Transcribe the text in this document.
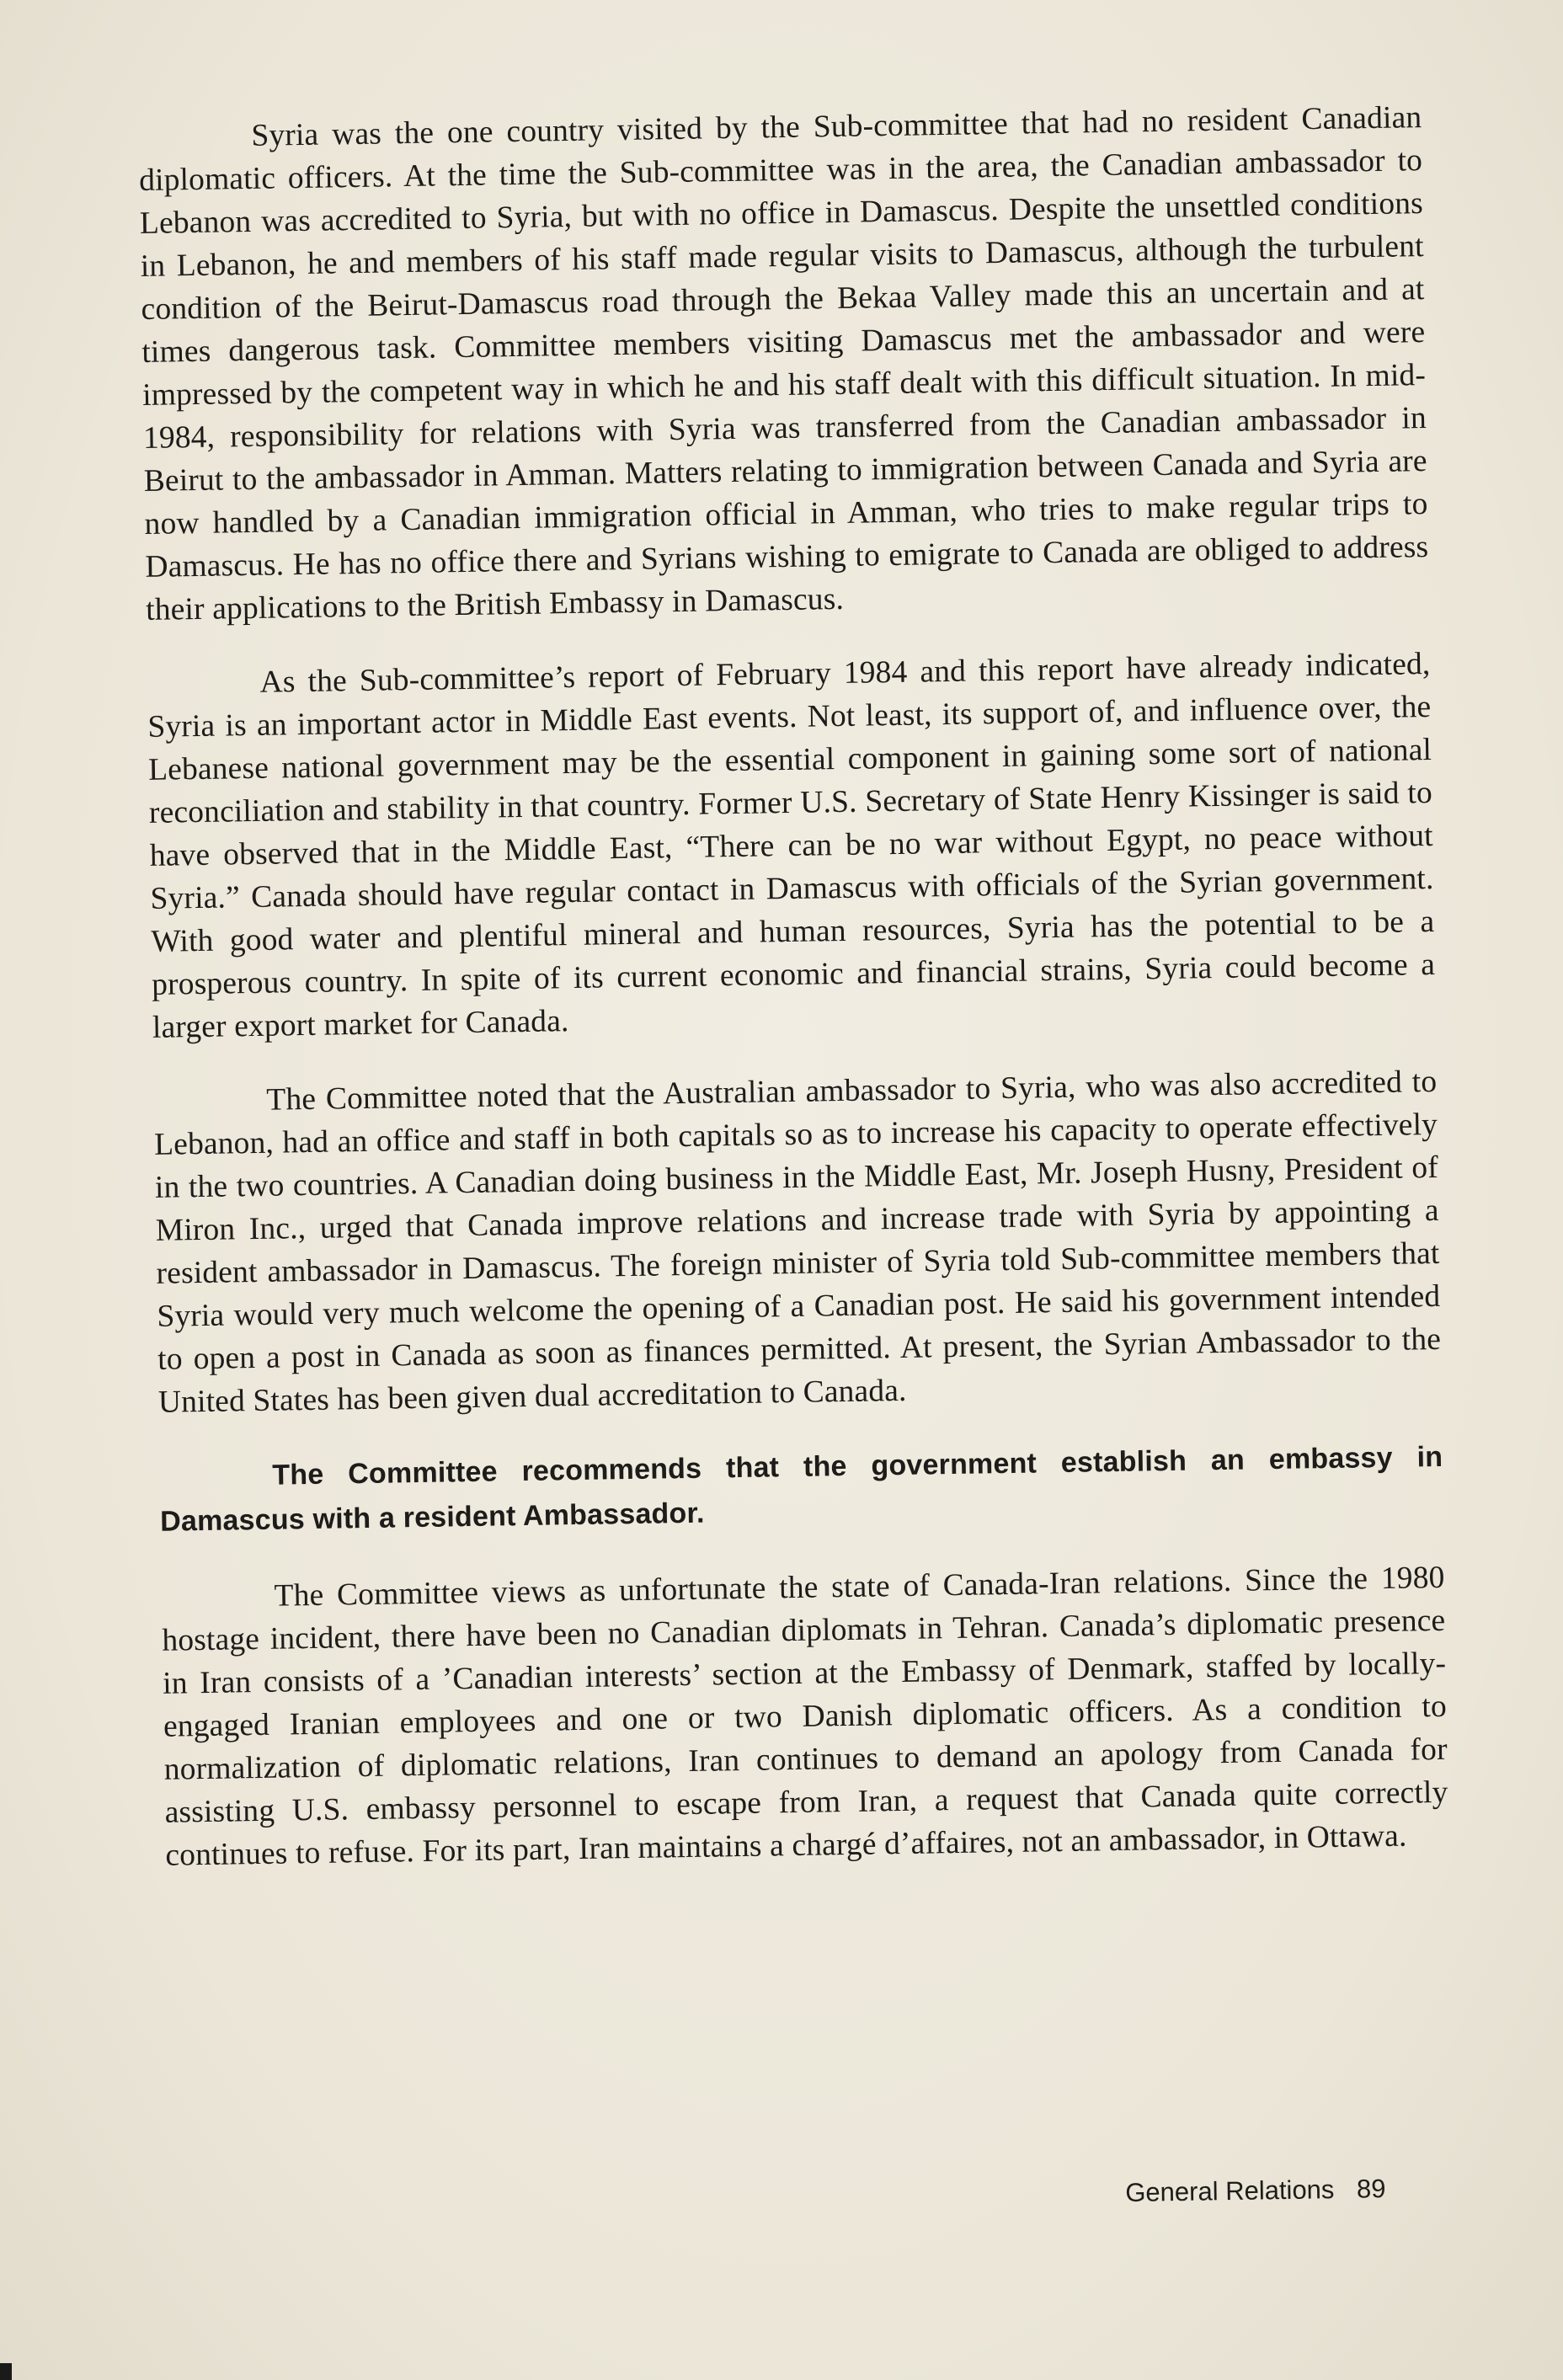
Syria was the one country visited by the Sub-committee that had no resident Canadian diplomatic officers. At the time the Sub-committee was in the area, the Canadian ambassador to Lebanon was accredited to Syria, but with no office in Damascus. Despite the unsettled conditions in Lebanon, he and members of his staff made regular visits to Damascus, although the turbulent condition of the Beirut-Damascus road through the Bekaa Valley made this an uncertain and at times dangerous task. Committee members visiting Damascus met the ambassador and were impressed by the competent way in which he and his staff dealt with this difficult situation. In mid-1984, responsibility for relations with Syria was transferred from the Canadian ambassador in Beirut to the ambassador in Amman. Matters relating to immigration between Canada and Syria are now handled by a Canadian immigration official in Amman, who tries to make regular trips to Damascus. He has no office there and Syrians wishing to emigrate to Canada are obliged to address their applications to the British Embassy in Damascus.

As the Sub-committee’s report of February 1984 and this report have already indicated, Syria is an important actor in Middle East events. Not least, its support of, and influence over, the Lebanese national government may be the essential component in gaining some sort of national reconciliation and stability in that country. Former U.S. Secretary of State Henry Kissinger is said to have observed that in the Middle East, “There can be no war without Egypt, no peace without Syria.” Canada should have regular contact in Damascus with officials of the Syrian government. With good water and plentiful mineral and human resources, Syria has the potential to be a prosperous country. In spite of its current economic and financial strains, Syria could become a larger export market for Canada.

The Committee noted that the Australian ambassador to Syria, who was also accredited to Lebanon, had an office and staff in both capitals so as to increase his capacity to operate effectively in the two countries. A Canadian doing business in the Middle East, Mr. Joseph Husny, President of Miron Inc., urged that Canada improve relations and increase trade with Syria by appointing a resident ambassador in Damascus. The foreign minister of Syria told Sub-committee members that Syria would very much welcome the opening of a Canadian post. He said his government intended to open a post in Canada as soon as finances permitted. At present, the Syrian Ambassador to the United States has been given dual accreditation to Canada.

The Committee recommends that the government establish an embassy in Damascus with a resident Ambassador.

The Committee views as unfortunate the state of Canada-Iran relations. Since the 1980 hostage incident, there have been no Canadian diplomats in Tehran. Canada’s diplomatic presence in Iran consists of a ’Canadian interests’ section at the Embassy of Denmark, staffed by locally-engaged Iranian employees and one or two Danish diplomatic officers. As a condition to normalization of diplomatic relations, Iran continues to demand an apology from Canada for assisting U.S. embassy personnel to escape from Iran, a request that Canada quite correctly continues to refuse. For its part, Iran maintains a chargé d’affaires, not an ambassador, in Ottawa.

General Relations 89
